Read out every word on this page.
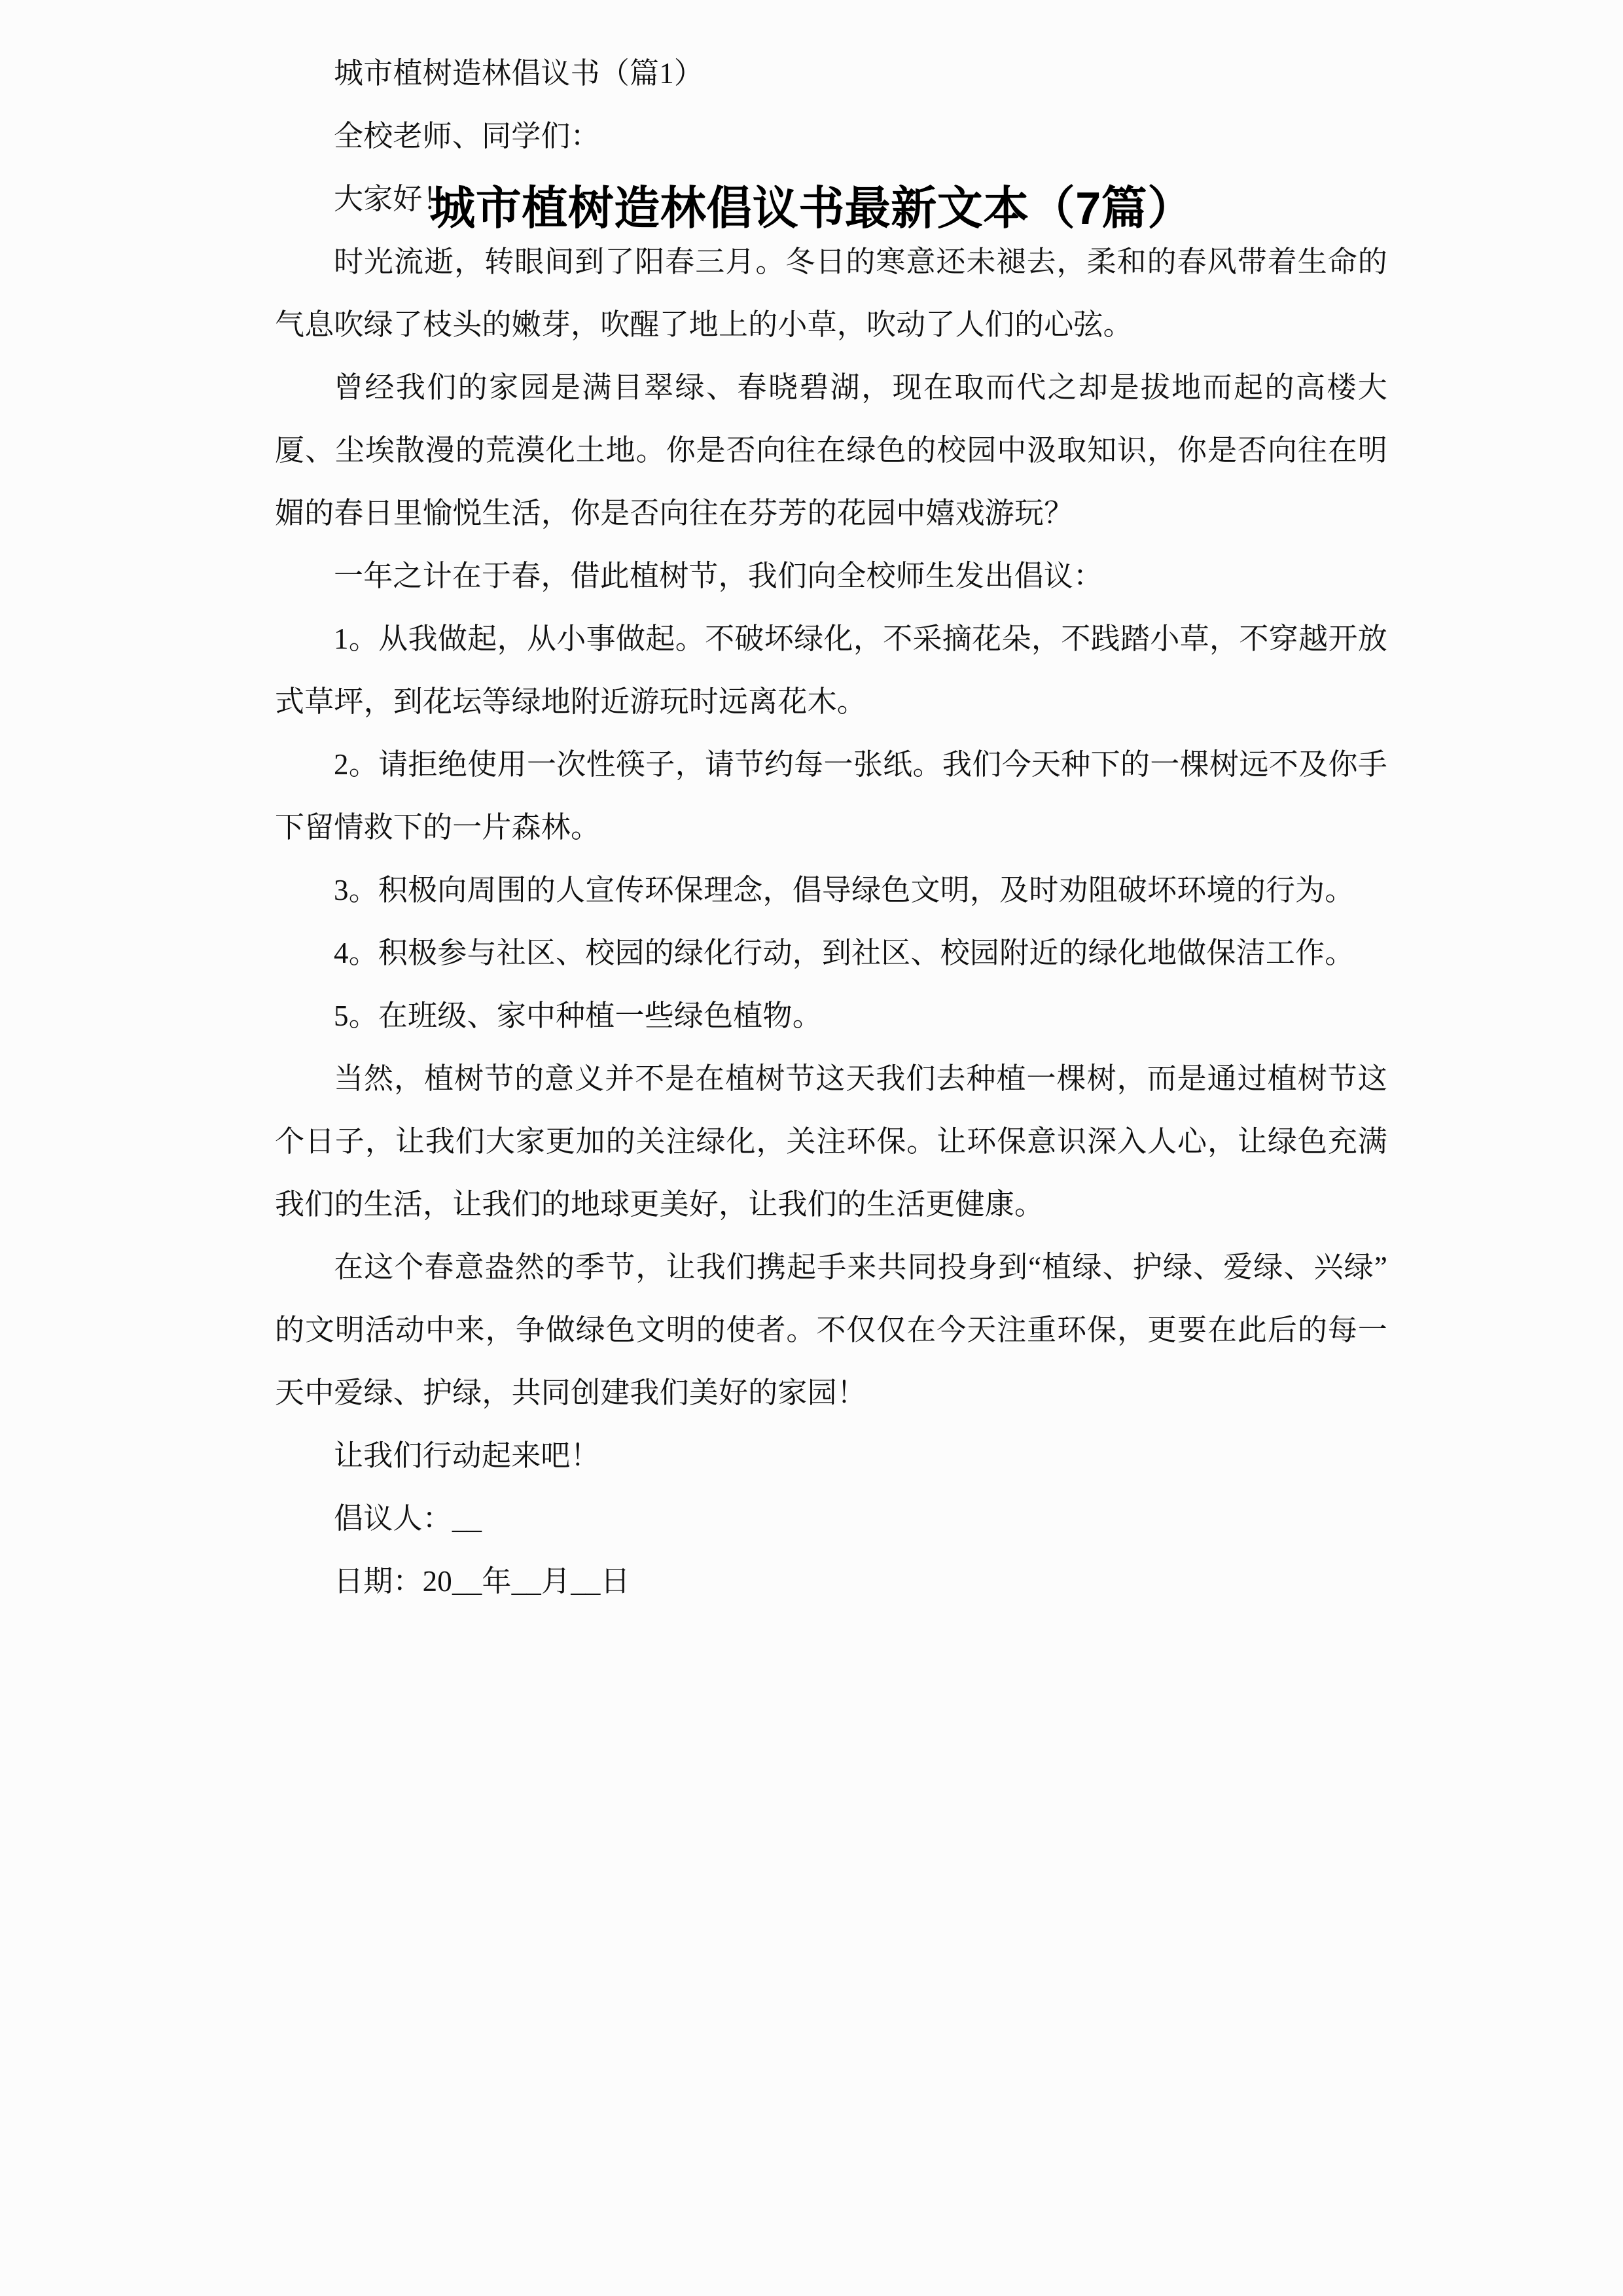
城市植树造林倡议书最新文本（7篇）

城市植树造林倡议书（篇1）

全校老师、同学们：

大家好！

时光流逝，转眼间到了阳春三月。冬日的寒意还未褪去，柔和的春风带着生命的气息吹绿了枝头的嫩芽，吹醒了地上的小草，吹动了人们的心弦。

曾经我们的家园是满目翠绿、春晓碧湖，现在取而代之却是拔地而起的高楼大厦、尘埃散漫的荒漠化土地。你是否向往在绿色的校园中汲取知识，你是否向往在明媚的春日里愉悦生活，你是否向往在芬芳的花园中嬉戏游玩？

一年之计在于春，借此植树节，我们向全校师生发出倡议：

1。从我做起，从小事做起。不破坏绿化，不采摘花朵，不践踏小草，不穿越开放式草坪，到花坛等绿地附近游玩时远离花木。

2。请拒绝使用一次性筷子，请节约每一张纸。我们今天种下的一棵树远不及你手下留情救下的一片森林。

3。积极向周围的人宣传环保理念，倡导绿色文明，及时劝阻破坏环境的行为。

4。积极参与社区、校园的绿化行动，到社区、校园附近的绿化地做保洁工作。

5。在班级、家中种植一些绿色植物。

当然，植树节的意义并不是在植树节这天我们去种植一棵树，而是通过植树节这个日子，让我们大家更加的关注绿化，关注环保。让环保意识深入人心，让绿色充满我们的生活，让我们的地球更美好，让我们的生活更健康。

在这个春意盎然的季节，让我们携起手来共同投身到“植绿、护绿、爱绿、兴绿”的文明活动中来，争做绿色文明的使者。不仅仅在今天注重环保，更要在此后的每一天中爱绿、护绿，共同创建我们美好的家园！

让我们行动起来吧！

倡议人：__

日期：20__年__月__日
